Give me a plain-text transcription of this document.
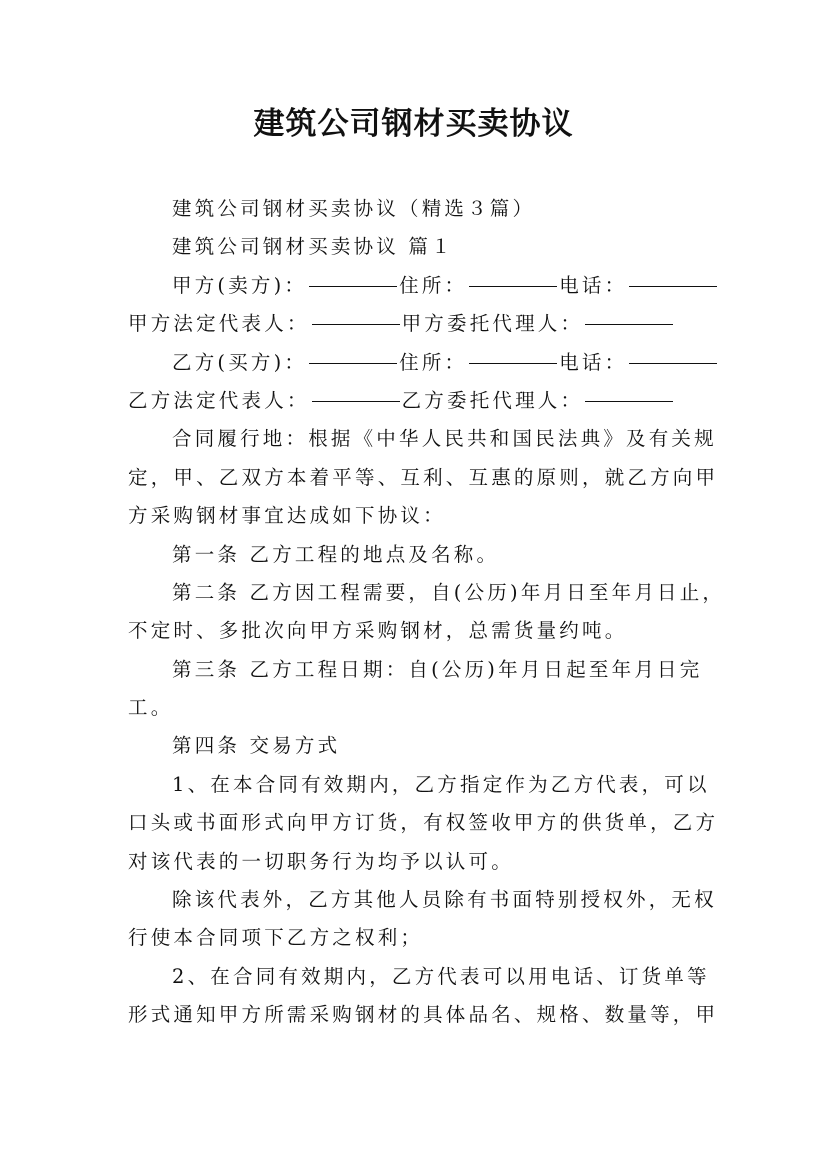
建筑公司钢材买卖协议
建筑公司钢材买卖协议（精选３篇）
建筑公司钢材买卖协议 篇１
甲方(卖方)：	住所：	电话：
甲方法定代表人：	甲方委托代理人：
乙方(买方)：	住所：	电话：
乙方法定代表人：	乙方委托代理人：
合同履行地：根据《中华人民共和国民法典》及有关规
定，甲、乙双方本着平等、互利、互惠的原则，就乙方向甲
方采购钢材事宜达成如下协议：
第一条 乙方工程的地点及名称。
第二条 乙方因工程需要，自(公历)年月日至年月日止，
不定时、多批次向甲方采购钢材，总需货量约吨。
第三条 乙方工程日期：自(公历)年月日起至年月日完
工。
第四条 交易方式
1、在本合同有效期内，乙方指定作为乙方代表，可以
口头或书面形式向甲方订货，有权签收甲方的供货单，乙方
对该代表的一切职务行为均予以认可。
除该代表外，乙方其他人员除有书面特别授权外，无权
行使本合同项下乙方之权利；
2、在合同有效期内，乙方代表可以用电话、订货单等
形式通知甲方所需采购钢材的具体品名、规格、数量等，甲
